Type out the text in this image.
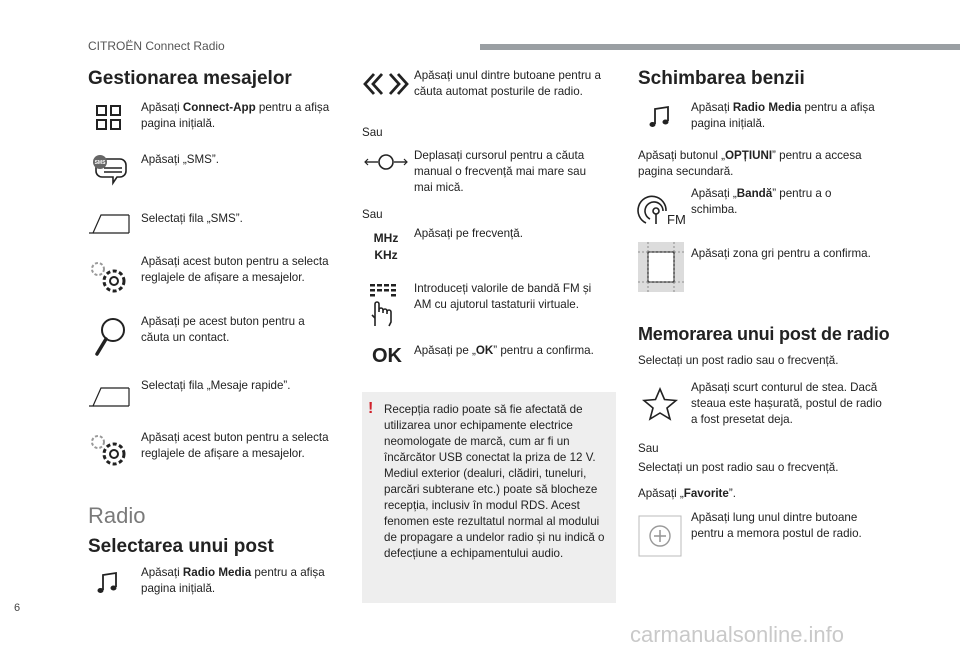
CITROËN Connect Radio
6
carmanualsonline.info
Gestionarea mesajelor
Apăsați Connect-App pentru a afișa pagina inițială.
SMS	Apăsați „SMS”.
Selectați fila „SMS”.
Apăsați acest buton pentru a selecta reglajele de afișare a mesajelor.
Apăsați pe acest buton pentru a căuta un contact.
Selectați fila „Mesaje rapide”.
Apăsați acest buton pentru a selecta reglajele de afișare a mesajelor.
Radio
Selectarea unui post
Apăsați Radio Media pentru a afișa pagina inițială.
Apăsați unul dintre butoane pentru a căuta automat posturile de radio.
Sau
Deplasați cursorul pentru a căuta manual o frecvență mai mare sau mai mică.
Sau
MHz
KHz
Apăsați pe frecvență.
Introduceți valorile de bandă FM și AM cu ajutorul tastaturii virtuale.
OK Apăsați pe „OK” pentru a confirma.
! Recepția radio poate să fie afectată de utilizarea unor echipamente electrice neomologate de marcă, cum ar fi un încărcător USB conectat la priza de 12 V. Mediul exterior (dealuri, clădiri, tuneluri, parcări subterane etc.) poate să blocheze recepția, inclusiv în modul RDS. Acest fenomen este rezultatul normal al modului de propagare a undelor radio și nu indică o defecțiune a echipamentului audio.
Schimbarea benzii
Apăsați Radio Media pentru a afișa pagina inițială.
Apăsați butonul „OPȚIUNI” pentru a accesa pagina secundară.
FM
Apăsați „Bandă” pentru a o schimba.
Apăsați zona gri pentru a confirma.
Memorarea unui post de radio
Selectați un post radio sau o frecvență.
Apăsați scurt conturul de stea. Dacă steaua este hașurată, postul de radio a fost presetat deja.
Sau
Selectați un post radio sau o frecvență.
Apăsați „Favorite”.
Apăsați lung unul dintre butoane pentru a memora postul de radio.
